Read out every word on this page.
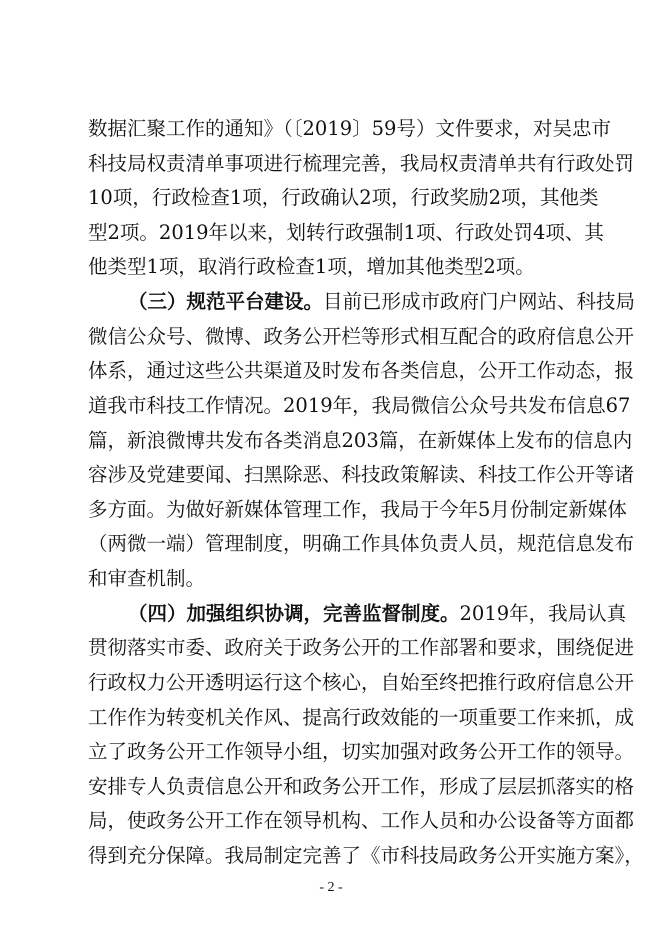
数据汇聚工作的通知》（〔2019〕59号）文件要求，对吴忠市
科技局权责清单事项进行梳理完善，我局权责清单共有行政处罚
10项，行政检查1项，行政确认2项，行政奖励2项，其他类
型2项。2019年以来，划转行政强制1项、行政处罚4项、其
他类型1项，取消行政检查1项，增加其他类型2项。
（三）规范平台建设。目前已形成市政府门户网站、科技局
微信公众号、微博、政务公开栏等形式相互配合的政府信息公开
体系，通过这些公共渠道及时发布各类信息，公开工作动态，报
道我市科技工作情况。2019年，我局微信公众号共发布信息67
篇，新浪微博共发布各类消息203篇，在新媒体上发布的信息内
容涉及党建要闻、扫黑除恶、科技政策解读、科技工作公开等诸
多方面。为做好新媒体管理工作，我局于今年5月份制定新媒体
（两微一端）管理制度，明确工作具体负责人员，规范信息发布
和审查机制。
（四）加强组织协调，完善监督制度。2019年，我局认真
贯彻落实市委、政府关于政务公开的工作部署和要求，围绕促进
行政权力公开透明运行这个核心，自始至终把推行政府信息公开
工作作为转变机关作风、提高行政效能的一项重要工作来抓，成
立了政务公开工作领导小组，切实加强对政务公开工作的领导。
安排专人负责信息公开和政务公开工作，形成了层层抓落实的格
局，使政务公开工作在领导机构、工作人员和办公设备等方面都
得到充分保障。我局制定完善了《市科技局政务公开实施方案》，
- 2 -
